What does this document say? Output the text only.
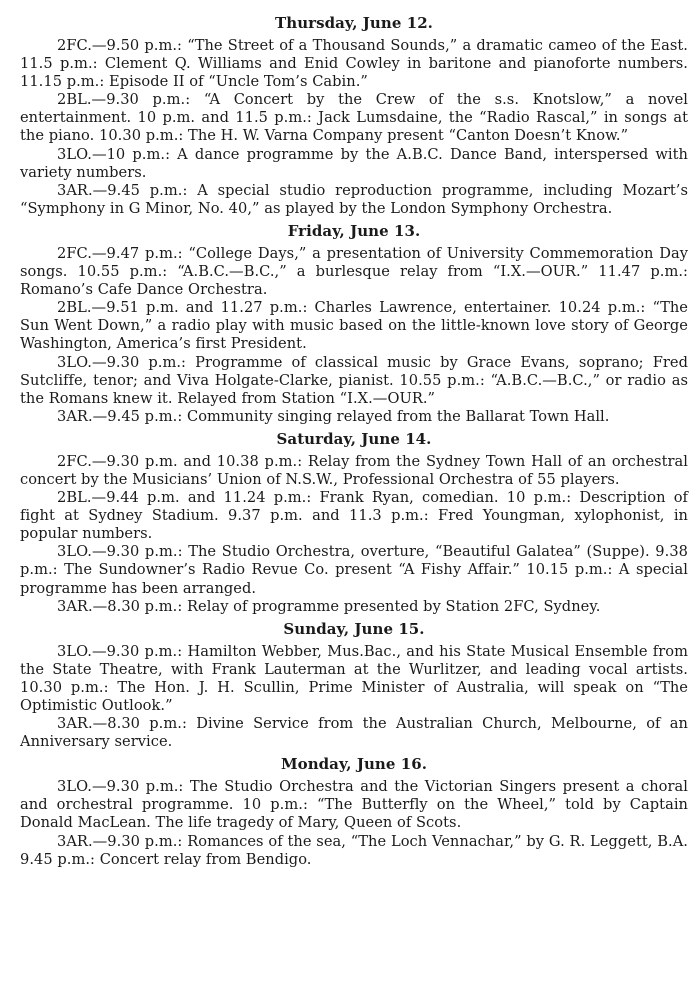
Thursday, June 12.

2FC.—9.50 p.m.: “The Street of a Thousand Sounds,” a dramatic cameo of the East. 11.5 p.m.: Clement Q. Williams and Enid Cowley in baritone and pianoforte numbers. 11.15 p.m.: Episode II of “Uncle Tom’s Cabin.”

2BL.—9.30 p.m.: “A Concert by the Crew of the s.s. Knotslow,” a novel entertainment. 10 p.m. and 11.5 p.m.: Jack Lumsdaine, the “Radio Rascal,” in songs at the piano. 10.30 p.m.: The H. W. Varna Company present “Canton Doesn’t Know.”

3LO.—10 p.m.: A dance programme by the A.B.C. Dance Band, interspersed with variety numbers.

3AR.—9.45 p.m.: A special studio reproduction programme, including Mozart’s “Symphony in G Minor, No. 40,” as played by the London Symphony Orchestra.

Friday, June 13.

2FC.—9.47 p.m.: “College Days,” a presentation of University Commemoration Day songs. 10.55 p.m.: “A.B.C.—B.C.,” a burlesque relay from “I.X.—OUR.” 11.47 p.m.: Romano’s Cafe Dance Orchestra.

2BL.—9.51 p.m. and 11.27 p.m.: Charles Lawrence, entertainer. 10.24 p.m.: “The Sun Went Down,” a radio play with music based on the little-known love story of George Washington, America’s first President.

3LO.—9.30 p.m.: Programme of classical music by Grace Evans, soprano; Fred Sutcliffe, tenor; and Viva Holgate-Clarke, pianist. 10.55 p.m.: “A.B.C.—B.C.,” or radio as the Romans knew it. Relayed from Station “I.X.—OUR.”

3AR.—9.45 p.m.: Community singing relayed from the Ballarat Town Hall.

Saturday, June 14.

2FC.—9.30 p.m. and 10.38 p.m.: Relay from the Sydney Town Hall of an orchestral concert by the Musicians’ Union of N.S.W., Professional Orchestra of 55 players.

2BL.—9.44 p.m. and 11.24 p.m.: Frank Ryan, comedian. 10 p.m.: Description of fight at Sydney Stadium. 9.37 p.m. and 11.3 p.m.: Fred Youngman, xylophonist, in popular numbers.

3LO.—9.30 p.m.: The Studio Orchestra, overture, “Beautiful Galatea” (Suppe). 9.38 p.m.: The Sundowner’s Radio Revue Co. present “A Fishy Affair.” 10.15 p.m.: A special programme has been arranged.

3AR.—8.30 p.m.: Relay of programme presented by Station 2FC, Sydney.

Sunday, June 15.

3LO.—9.30 p.m.: Hamilton Webber, Mus.Bac., and his State Musical Ensemble from the State Theatre, with Frank Lauterman at the Wurlitzer, and leading vocal artists. 10.30 p.m.: The Hon. J. H. Scullin, Prime Minister of Australia, will speak on “The Optimistic Outlook.”

3AR.—8.30 p.m.: Divine Service from the Australian Church, Melbourne, of an Anniversary service.

Monday, June 16.

3LO.—9.30 p.m.: The Studio Orchestra and the Victorian Singers present a choral and orchestral programme. 10 p.m.: “The Butterfly on the Wheel,” told by Captain Donald MacLean. The life tragedy of Mary, Queen of Scots.

3AR.—9.30 p.m.: Romances of the sea, “The Loch Vennachar,” by G. R. Leggett, B.A. 9.45 p.m.: Concert relay from Bendigo.
